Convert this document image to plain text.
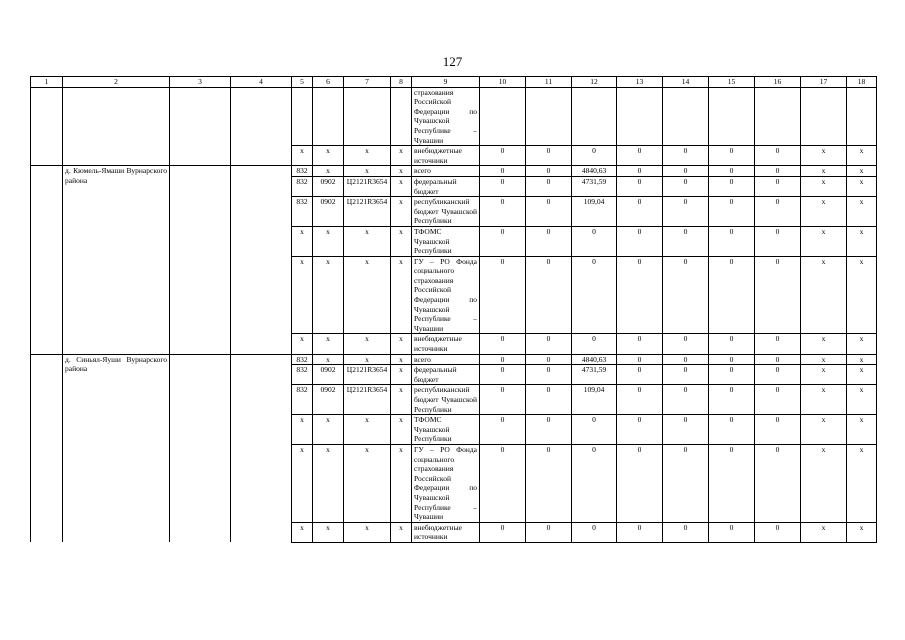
127
1	2	3	4	5	6	7	8	9	10	11	12	13	14	15	16	17	18
								страхования Российской Федерации по Чувашской Республике – Чувашии									
				х	х	х	х	внебюджетные источники	0	0	0	0	0	0	0	х	х
	д. Кюмель-Ямаши Вурнарского района			832	х	х	х	всего	0	0	4840,63	0	0	0	0	х	х
				832	0902	Ц2121R3654	х	федеральный бюджет	0	0	4731,59	0	0	0	0	х	х
				832	0902	Ц2121R3654	х	республиканский бюджет Чувашской Республики	0	0	109,04	0	0	0	0	х	х
				х	х	х	х	ТФОМС Чувашской Республики	0	0	0	0	0	0	0	х	х
				х	х	х	х	ГУ – РО Фонда социального страхования Российской Федерации по Чувашской Республике – Чувашии	0	0	0	0	0	0	0	х	х
				х	х	х	х	внебюджетные источники	0	0	0	0	0	0	0	х	х
	д. Синьял-Яуши Вурнарского района			832	х	х	х	всего	0	0	4840,63	0	0	0	0	х	х
				832	0902	Ц2121R3654	х	федеральный бюджет	0	0	4731,59	0	0	0	0	х	х
				832	0902	Ц2121R3654	х	республиканский бюджет Чувашской Республики	0	0	109,04	0	0	0	0	х	х
				х	х	х	х	ТФОМС Чувашской Республики	0	0	0	0	0	0	0	х	х
				х	х	х	х	ГУ – РО Фонда социального страхования Российской Федерации по Чувашской Республике – Чувашии	0	0	0	0	0	0	0	х	х
				х	х	х	х	внебюджетные источники	0	0	0	0	0	0	0	х	х
